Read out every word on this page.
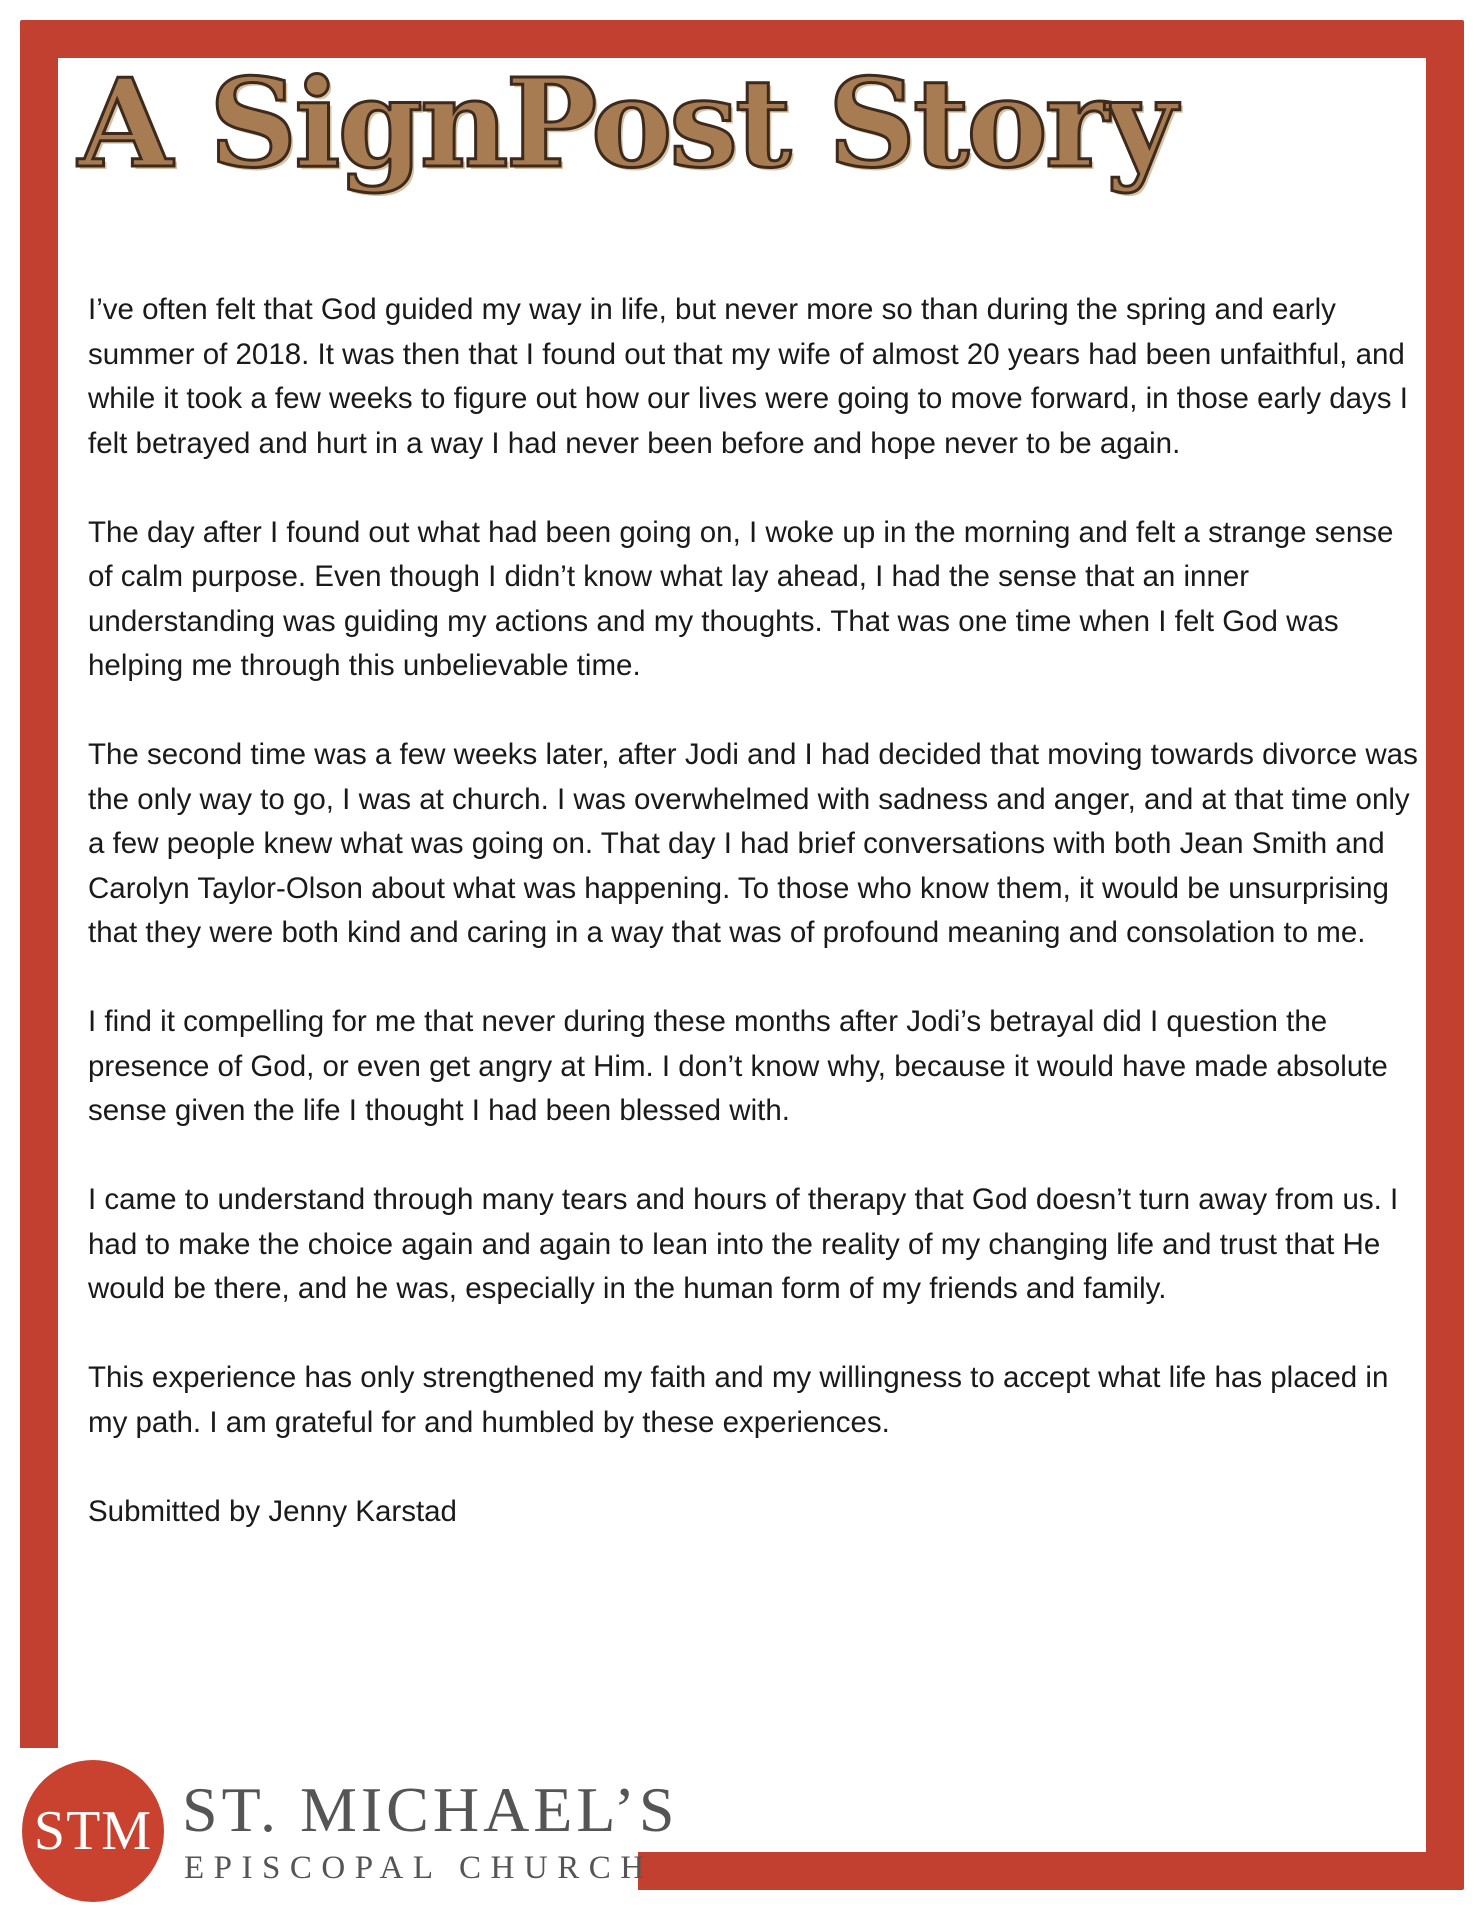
A SignPost Story

I’ve often felt that God guided my way in life, but never more so than during the spring and early summer of 2018. It was then that I found out that my wife of almost 20 years had been unfaithful, and while it took a few weeks to figure out how our lives were going to move forward, in those early days I felt betrayed and hurt in a way I had never been before and hope never to be again.

The day after I found out what had been going on, I woke up in the morning and felt a strange sense of calm purpose. Even though I didn’t know what lay ahead, I had the sense that an inner understanding was guiding my actions and my thoughts. That was one time when I felt God was helping me through this unbelievable time.

The second time was a few weeks later, after Jodi and I had decided that moving towards divorce was the only way to go, I was at church. I was overwhelmed with sadness and anger, and at that time only a few people knew what was going on. That day I had brief conversations with both Jean Smith and Carolyn Taylor-Olson about what was happening. To those who know them, it would be unsurprising that they were both kind and caring in a way that was of profound meaning and consolation to me.

I find it compelling for me that never during these months after Jodi’s betrayal did I question the presence of God, or even get angry at Him. I don’t know why, because it would have made absolute sense given the life I thought I had been blessed with.

I came to understand through many tears and hours of therapy that God doesn’t turn away from us. I had to make the choice again and again to lean into the reality of my changing life and trust that He would be there, and he was, especially in the human form of my friends and family.

This experience has only strengthened my faith and my willingness to accept what life has placed in my path. I am grateful for and humbled by these experiences.

Submitted by Jenny Karstad

STM ST. MICHAEL’S
EPISCOPAL CHURCH
